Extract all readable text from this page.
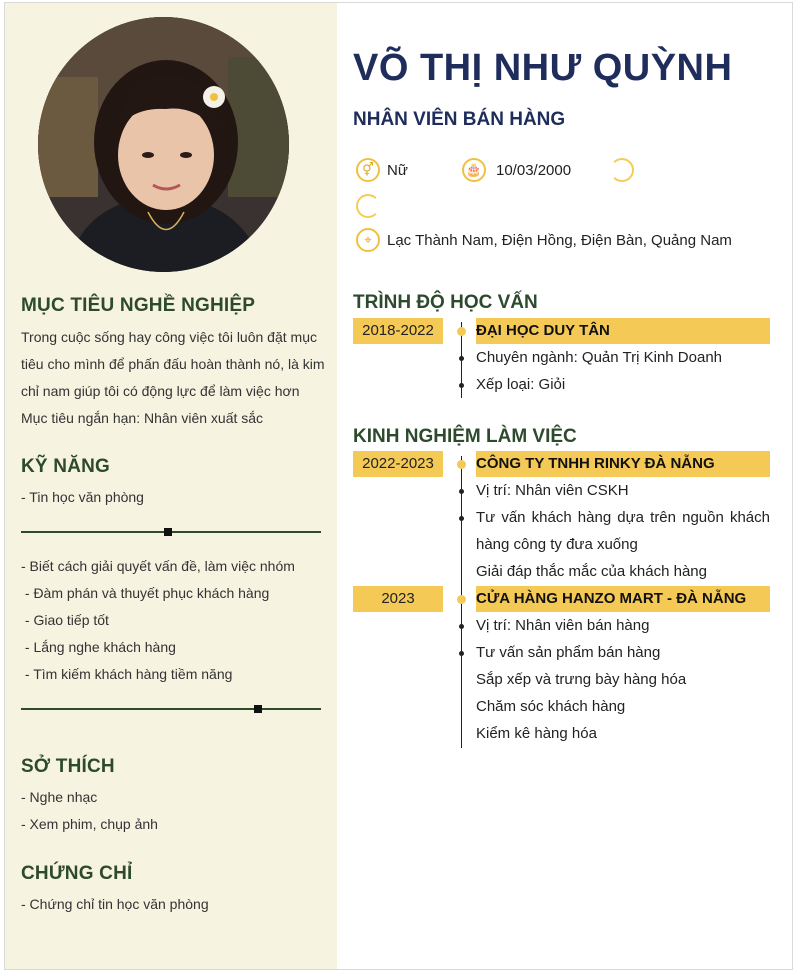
MỤC TIÊU NGHỀ NGHIỆP
Trong cuộc sống hay công việc tôi luôn đặt mục
tiêu cho mình để phấn đấu hoàn thành nó, là kim
chỉ nam giúp tôi có động lực để làm việc hơn
Mục tiêu ngắn hạn: Nhân viên xuất sắc
KỸ NĂNG
- Tin học văn phòng
- Biết cách giải quyết vấn đề, làm việc nhóm
- Đàm phán và thuyết phục khách hàng
- Giao tiếp tốt
- Lắng nghe khách hàng
- Tìm kiếm khách hàng tiềm năng
SỞ THÍCH
- Nghe nhạc
- Xem phim, chụp ảnh
CHỨNG CHỈ
- Chứng chỉ tin học văn phòng
VÕ THỊ NHƯ QUỲNH
NHÂN VIÊN BÁN HÀNG
⚥ Nữ	🎂 10/03/2000
⌖	Lạc Thành Nam, Điện Hồng, Điện Bàn, Quảng Nam
TRÌNH ĐỘ HỌC VẤN
2018-2022	ĐẠI HỌC DUY TÂN
Chuyên ngành: Quản Trị Kinh Doanh
Xếp loại: Giỏi
KINH NGHIỆM LÀM VIỆC
2022-2023	CÔNG TY TNHH RINKY ĐÀ NẴNG
Vị trí: Nhân viên CSKH
Tư vấn khách hàng dựa trên nguồn khách
hàng công ty đưa xuống
Giải đáp thắc mắc của khách hàng
2023	CỬA HÀNG HANZO MART - ĐÀ NẴNG
Vị trí: Nhân viên bán hàng
Tư vấn sản phẩm bán hàng
Sắp xếp và trưng bày hàng hóa
Chăm sóc khách hàng
Kiểm kê hàng hóa
